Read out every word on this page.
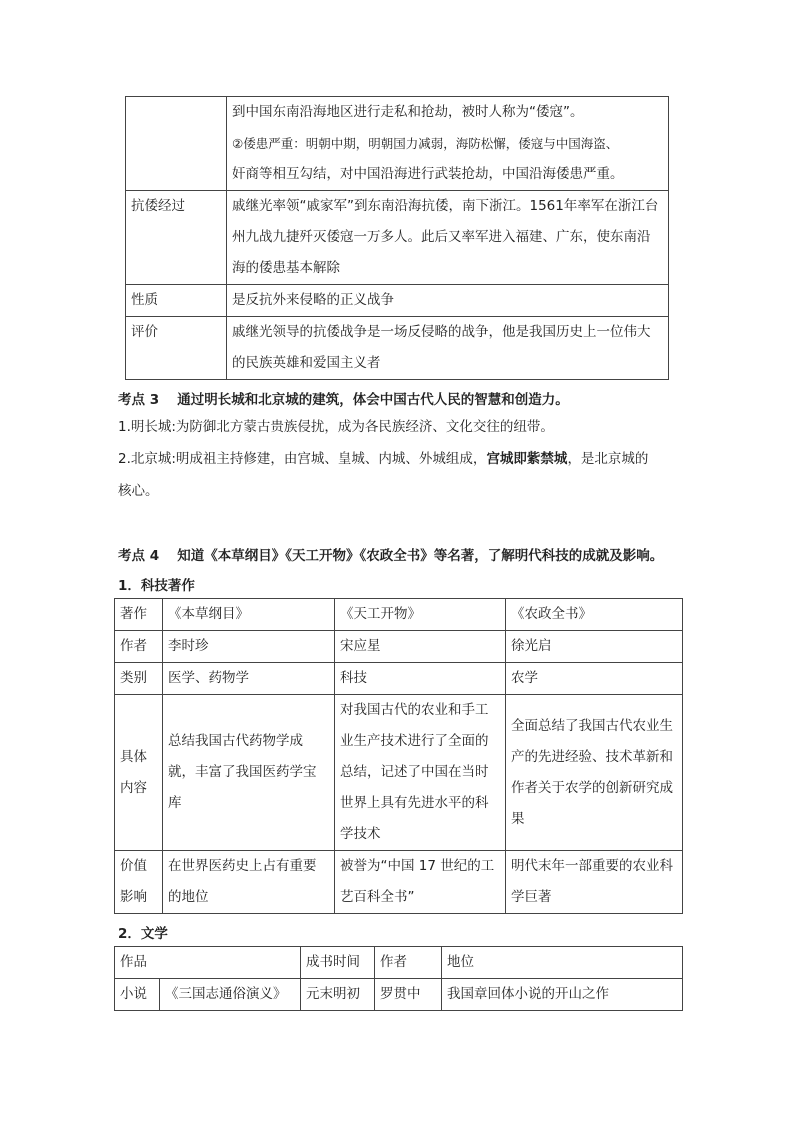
	到中国东南沿海地区进行走私和抢劫，被时人称为“倭寇”。
②倭患严重：明朝中期，明朝国力减弱，海防松懈，倭寇与中国海盗、
奸商等相互勾结，对中国沿海进行武装抢劫，中国沿海倭患严重。

抗倭经过	戚继光率领“戚家军”到东南沿海抗倭，南下浙江。1561年率军在浙江台州九战九捷歼灭倭寇一万多人。此后又率军进入福建、广东，使东南沿海的倭患基本解除
性质	是反抗外来侵略的正义战争
评价	戚继光领导的抗倭战争是一场反侵略的战争，他是我国历史上一位伟大的民族英雄和爱国主义者
考点 3　 通过明长城和北京城的建筑，体会中国古代人民的智慧和创造力。
1.明长城:为防御北方蒙古贵族侵扰，成为各民族经济、文化交往的纽带。
2.北京城:明成祖主持修建，由宫城、皇城、内城、外城组成，宫城即紫禁城，是北京城的
核心。
考点 4　 知道《本草纲目》《天工开物》《农政全书》等名著，了解明代科技的成就及影响。
1．科技著作
著作	《本草纲目》	《天工开物》	《农政全书》
作者	李时珍	宋应星	徐光启
类别	医学、药物学	科技	农学
具体内容	总结我国古代药物学成就，丰富了我国医药学宝库	对我国古代的农业和手工业生产技术进行了全面的总结，记述了中国在当时世界上具有先进水平的科学技术	全面总结了我国古代农业生产的先进经验、技术革新和作者关于农学的创新研究成果
价值影响	在世界医药史上占有重要的地位	被誉为“中国 17 世纪的工艺百科全书”	明代末年一部重要的农业科学巨著
2．文学
作品		成书时间	作者	地位
小说	《三国志通俗演义》	元末明初	罗贯中	我国章回体小说的开山之作
